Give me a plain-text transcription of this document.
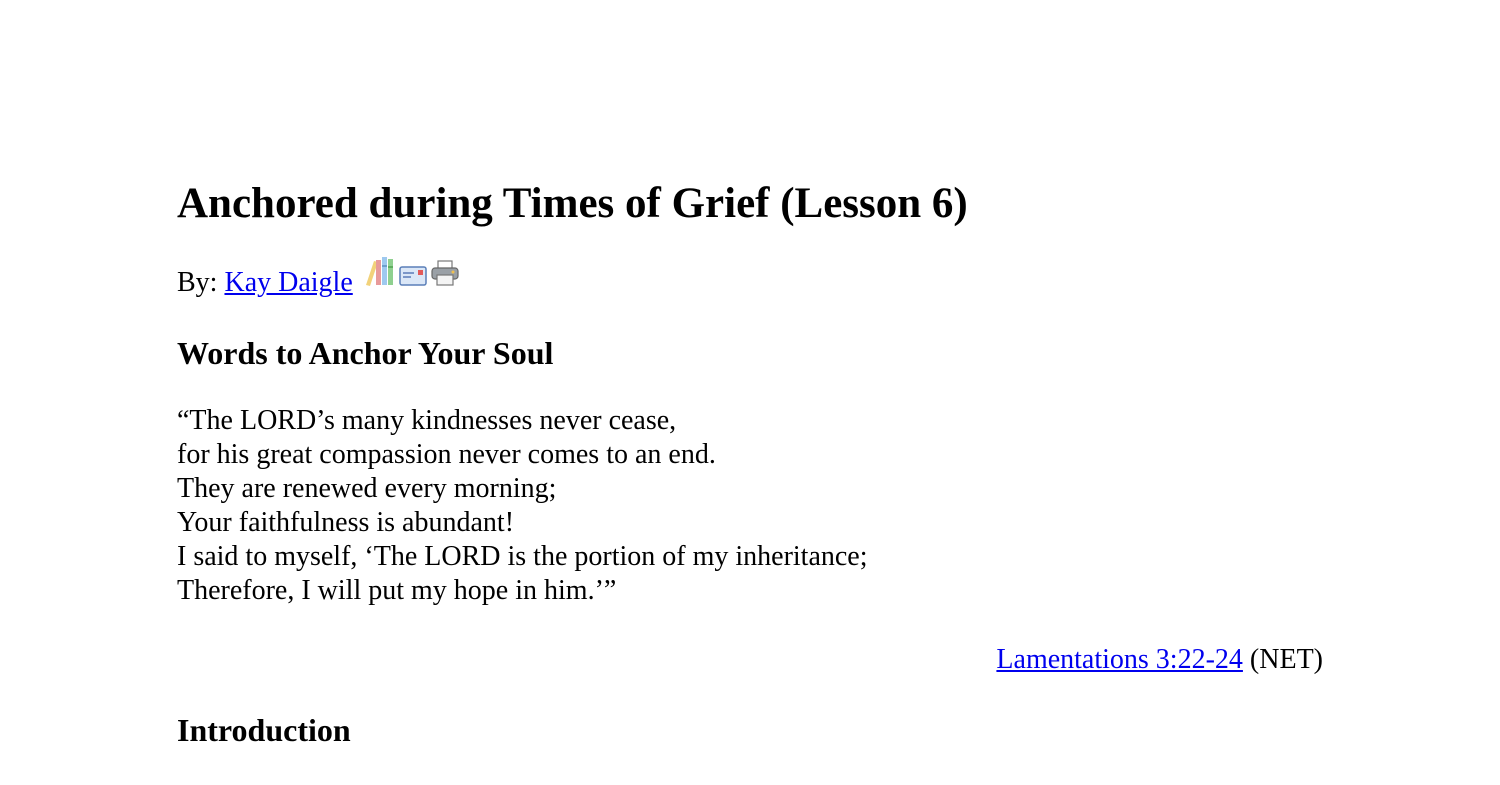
Anchored during Times of Grief (Lesson 6)
By: Kay Daigle
Words to Anchor Your Soul
“The LORD’s many kindnesses never cease,
for his great compassion never comes to an end.
They are renewed every morning;
Your faithfulness is abundant!
I said to myself, ‘The LORD is the portion of my inheritance;
Therefore, I will put my hope in him.’”
Lamentations 3:22-24 (NET)
Introduction
